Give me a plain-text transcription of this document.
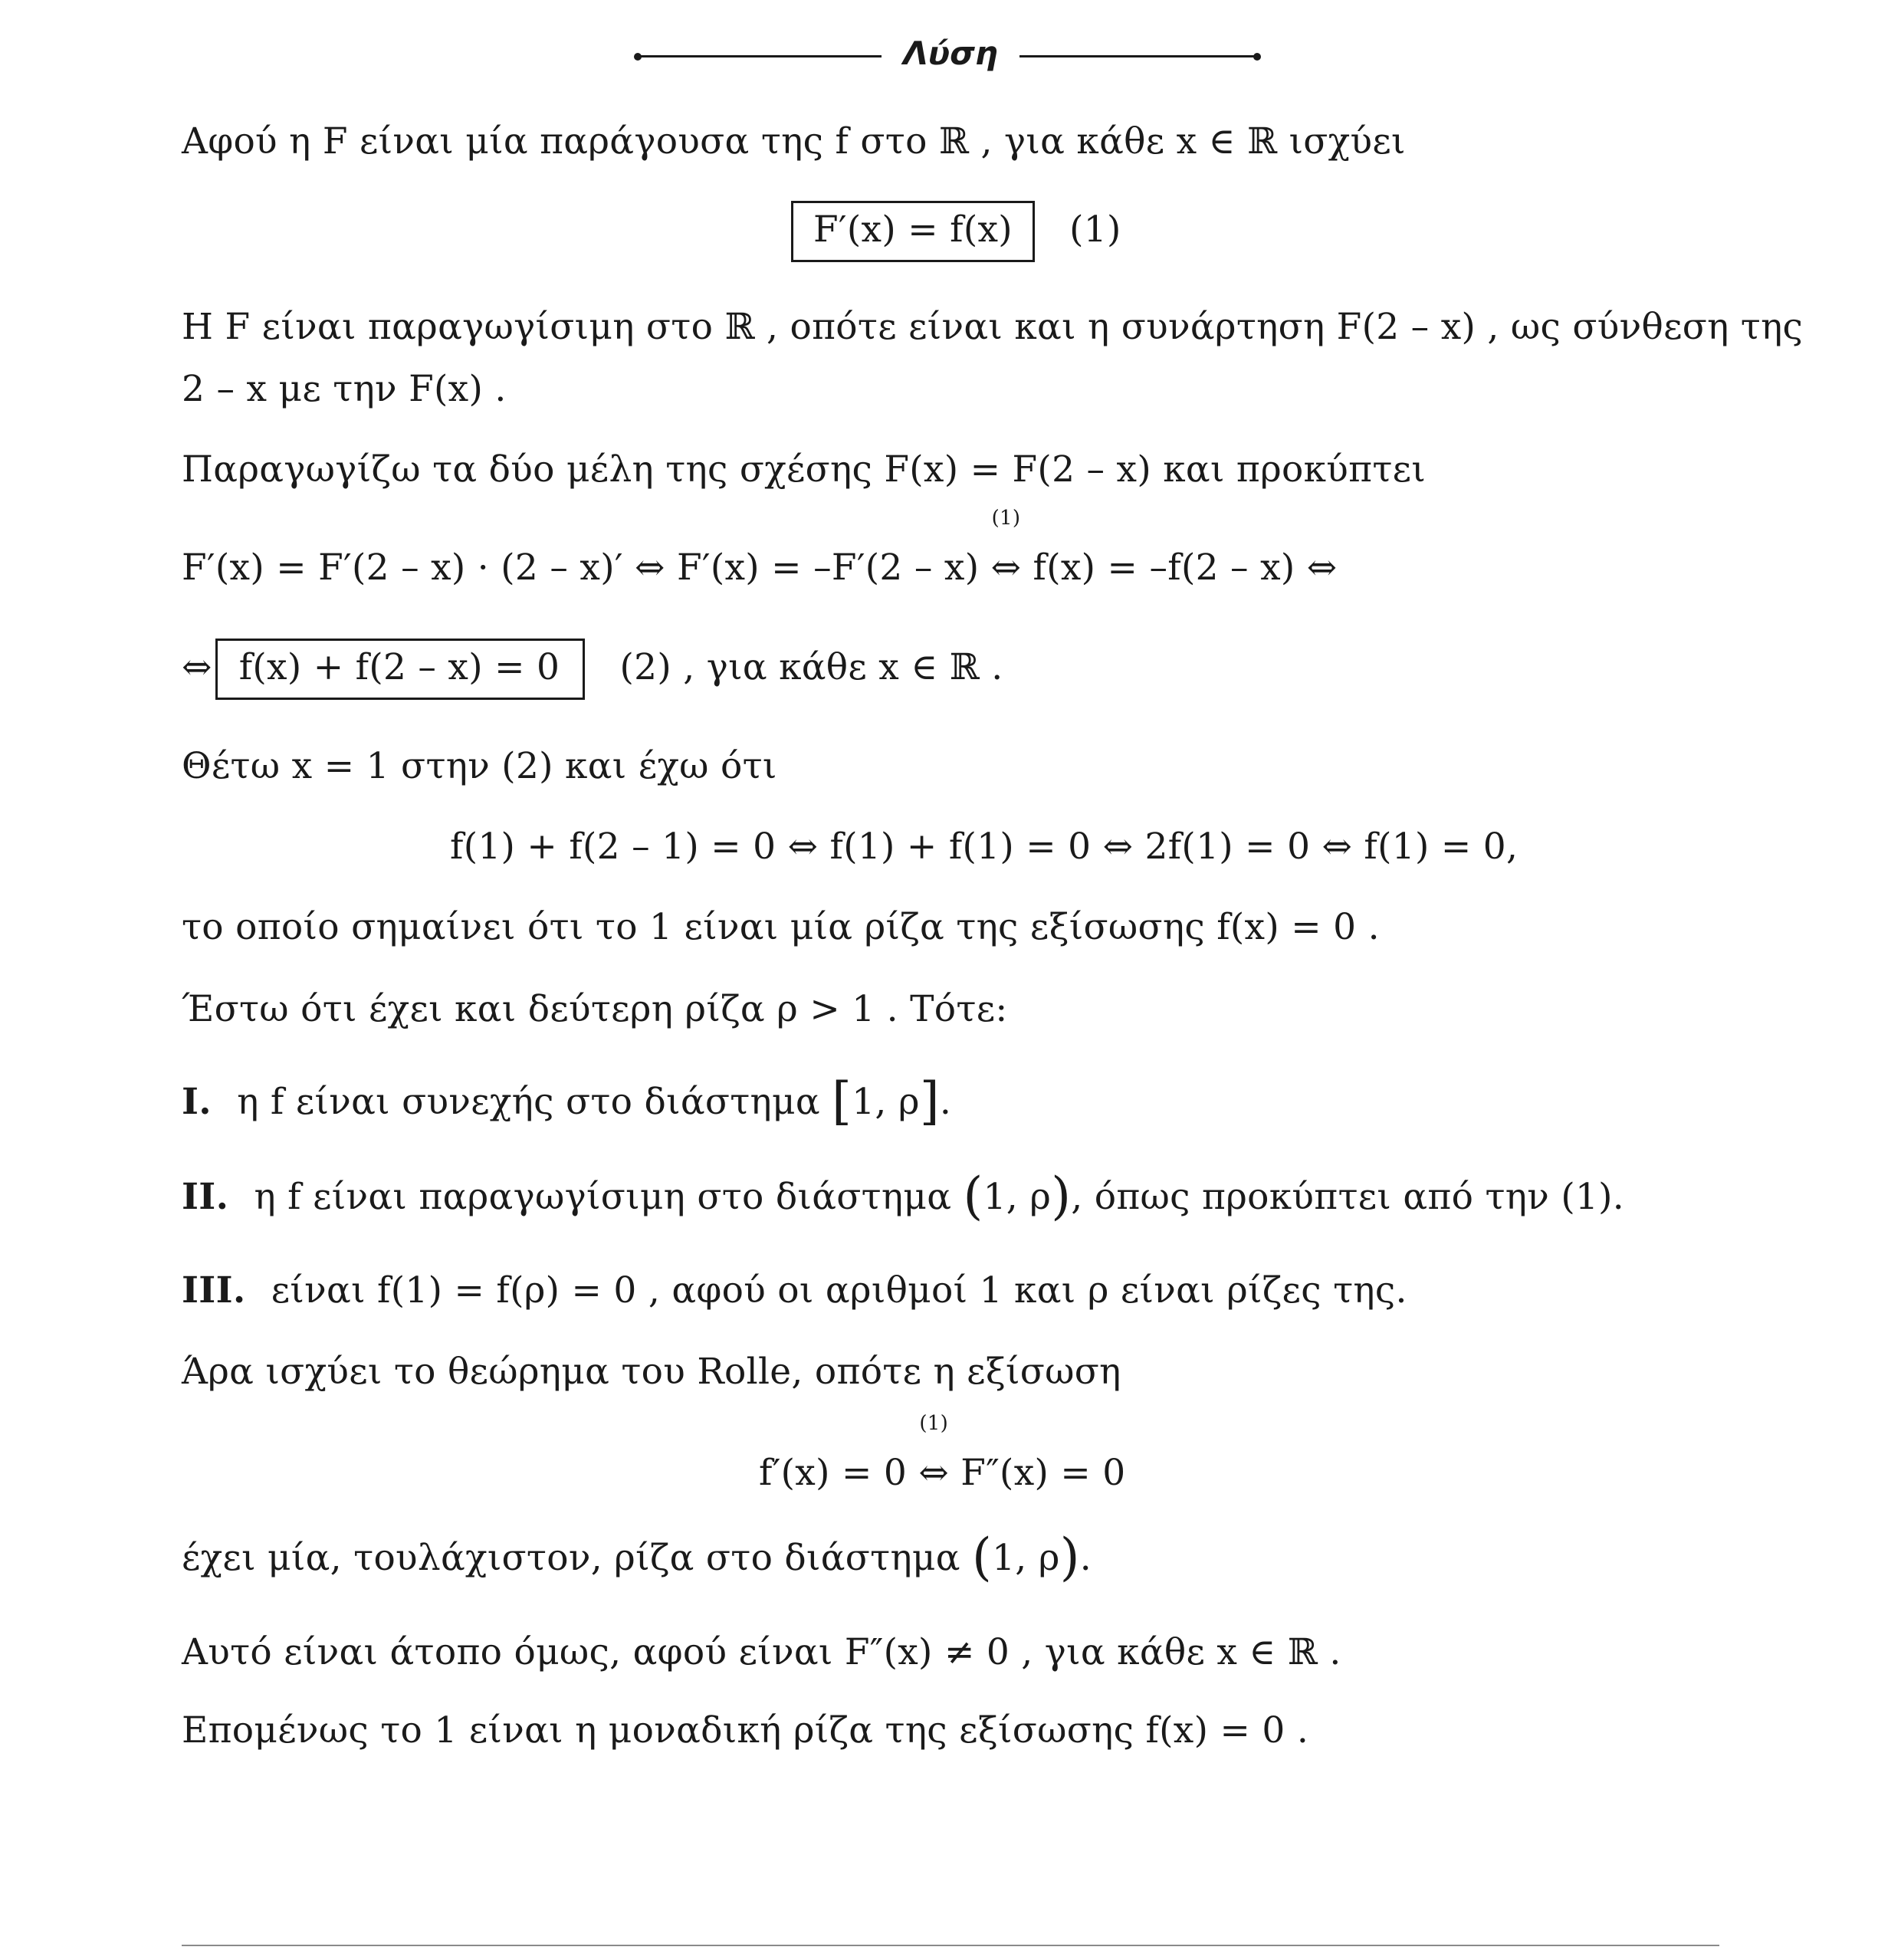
Λύση
Αφού η F είναι μία παράγουσα της f στο ℝ , για κάθε x ∈ ℝ ισχύει
F′(x) = f(x) (1)
Η F είναι παραγωγίσιμη στο ℝ , οπότε είναι και η συνάρτηση F(2 – x) , ως σύνθεση της
2 – x με την F(x) .
Παραγωγίζω τα δύο μέλη της σχέσης F(x) = F(2 – x) και προκύπτει
F′(x) = F′(2 – x) · (2 – x)′ ⇔ F′(x) = –F′(2 – x)
(1)
⇔ f(x) = –f(2 – x) ⇔
⇔ f(x) + f(2 – x) = 0 (2) , για κάθε x ∈ ℝ .
Θέτω x = 1 στην (2) και έχω ότι
f(1) + f(2 – 1) = 0 ⇔ f(1) + f(1) = 0 ⇔ 2f(1) = 0 ⇔ f(1) = 0,
το οποίο σημαίνει ότι το 1 είναι μία ρίζα της εξίσωσης f(x) = 0 .
Έστω ότι έχει και δεύτερη ρίζα ρ > 1 . Τότε:
I. η f είναι συνεχής στο διάστημα [1, ρ].
II. η f είναι παραγωγίσιμη στο διάστημα (1, ρ), όπως προκύπτει από την (1).
III. είναι f(1) = f(ρ) = 0 , αφού οι αριθμοί 1 και ρ είναι ρίζες της.
Άρα ισχύει το θεώρημα του Rolle, οπότε η εξίσωση
f′(x) = 0
(1)
⇔ F″(x) = 0
έχει μία, τουλάχιστον, ρίζα στο διάστημα (1, ρ).
Αυτό είναι άτοπο όμως, αφού είναι F″(x) ≠ 0 , για κάθε x ∈ ℝ .
Επομένως το 1 είναι η μοναδική ρίζα της εξίσωσης f(x) = 0 .
